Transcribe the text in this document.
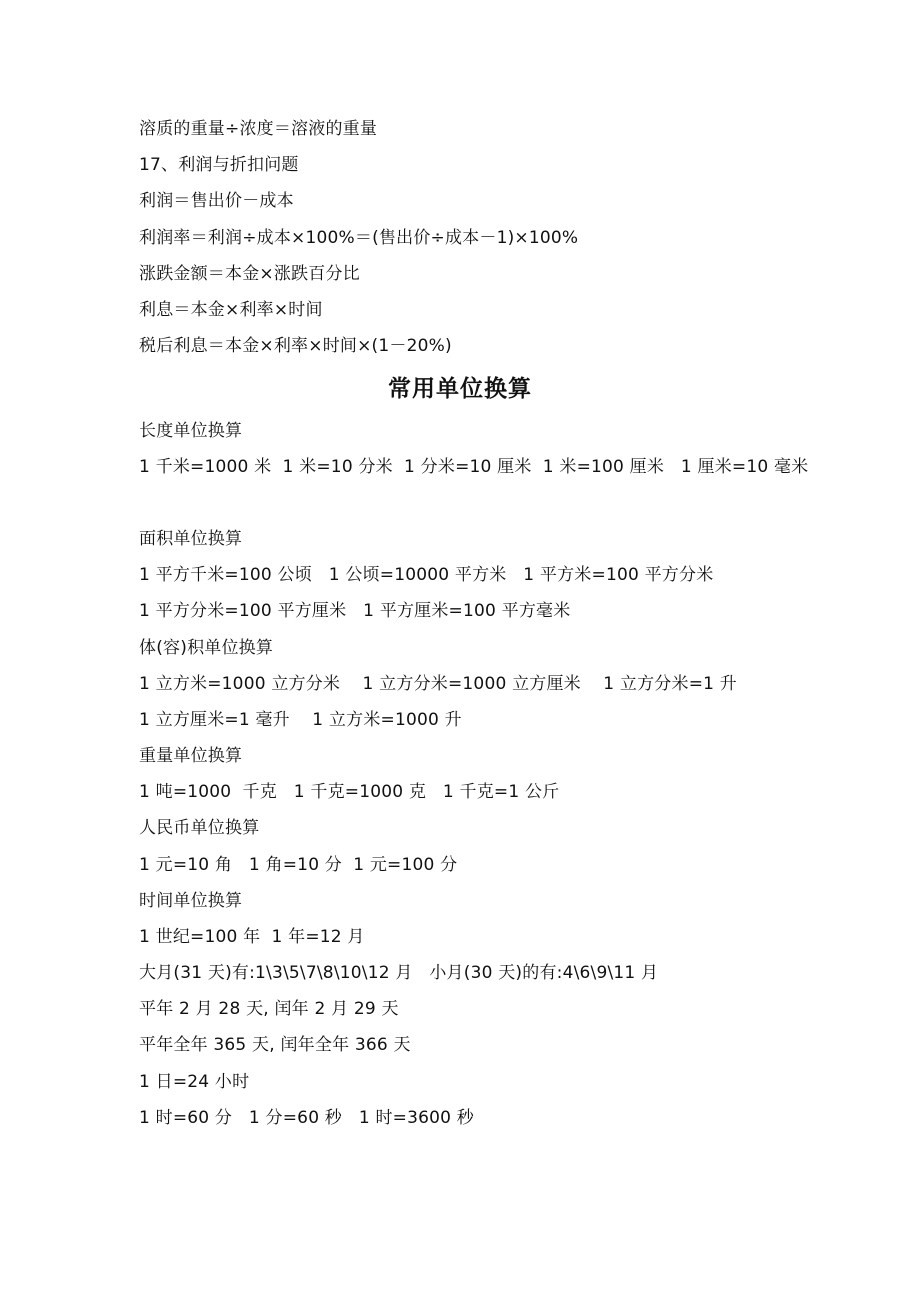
溶质的重量÷浓度＝溶液的重量
17、利润与折扣问题
利润＝售出价－成本
利润率＝利润÷成本×100%＝(售出价÷成本－1)×100%
涨跌金额＝本金×涨跌百分比
利息＝本金×利率×时间
税后利息＝本金×利率×时间×(1－20%)
常用单位换算
长度单位换算
1 千米=1000 米  1 米=10 分米  1 分米=10 厘米  1 米=100 厘米   1 厘米=10 毫米
面积单位换算
1 平方千米=100 公顷   1 公顷=10000 平方米   1 平方米=100 平方分米
1 平方分米=100 平方厘米   1 平方厘米=100 平方毫米
体(容)积单位换算
1 立方米=1000 立方分米    1 立方分米=1000 立方厘米    1 立方分米=1 升
1 立方厘米=1 毫升    1 立方米=1000 升
重量单位换算
1 吨=1000  千克   1 千克=1000 克   1 千克=1 公斤
人民币单位换算
1 元=10 角   1 角=10 分  1 元=100 分
时间单位换算
1 世纪=100 年  1 年=12 月
大月(31 天)有:1\3\5\7\8\10\12 月   小月(30 天)的有:4\6\9\11 月
平年 2 月 28 天, 闰年 2 月 29 天
平年全年 365 天, 闰年全年 366 天
1 日=24 小时
1 时=60 分   1 分=60 秒   1 时=3600 秒
